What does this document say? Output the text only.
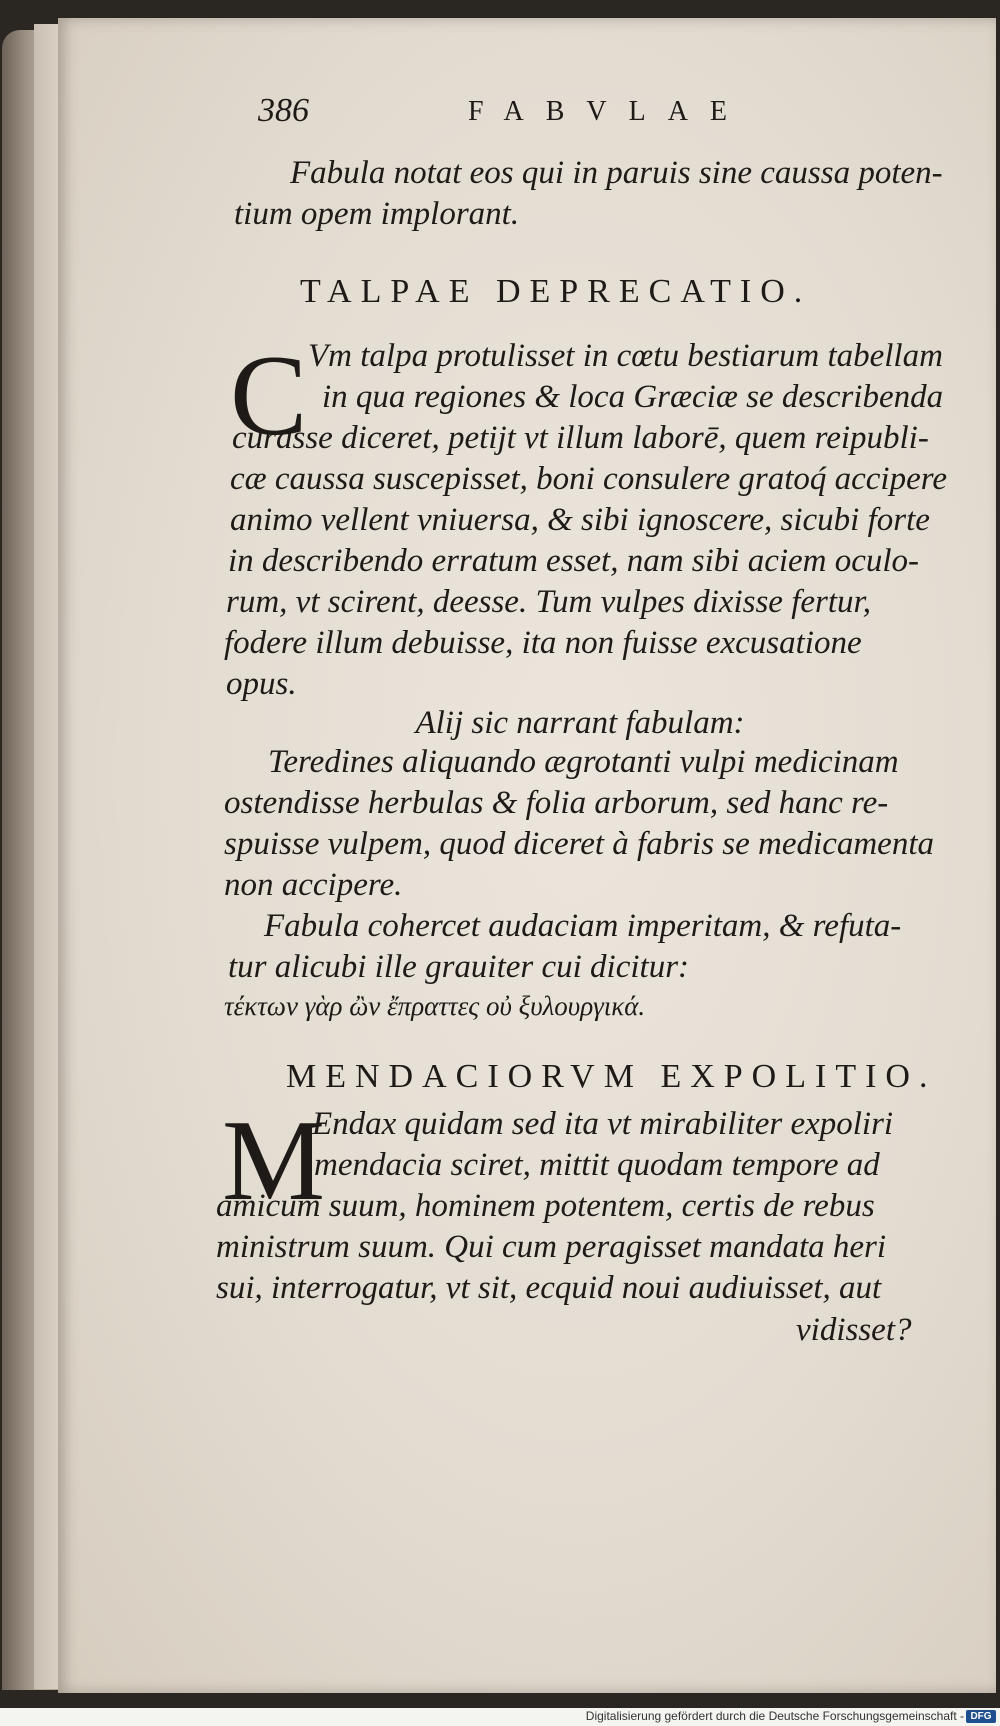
386	FABVLAE
Fabula notat eos qui in paruis sine caussa poten-
tium opem implorant.
TALPAE DEPRECATIO.
C Vm talpa protulisset in cœtu bestiarum tabellam
in qua regiones & loca Græciæ se describenda
curasse diceret, petijt vt illum laborē, quem reipubli-
cæ caussa suscepisset, boni consulere gratoq́ accipere
animo vellent vniuersa, & sibi ignoscere, sicubi forte
in describendo erratum esset, nam sibi aciem oculo-
rum, vt scirent, deesse. Tum vulpes dixisse fertur,
fodere illum debuisse, ita non fuisse excusatione
opus.
Alij sic narrant fabulam:
Teredines aliquando ægrotanti vulpi medicinam
ostendisse herbulas & folia arborum, sed hanc re-
spuisse vulpem, quod diceret à fabris se medicamenta
non accipere.
Fabula cohercet audaciam imperitam, & refuta-
tur alicubi ille grauiter cui dicitur:
τέκτων γὰρ ὢν ἔπραττες οὐ ξυλουργικά.
MENDACIORVM EXPOLITIO.
M
Endax quidam sed ita vt mirabiliter expoliri
mendacia sciret, mittit quodam tempore ad
amicum suum, hominem potentem, certis de rebus
ministrum suum. Qui cum peragisset mandata heri
sui, interrogatur, vt sit, ecquid noui audiuisset, aut
vidisset?
Digitalisierung gefördert durch die Deutsche Forschungsgemeinschaft - DFG
